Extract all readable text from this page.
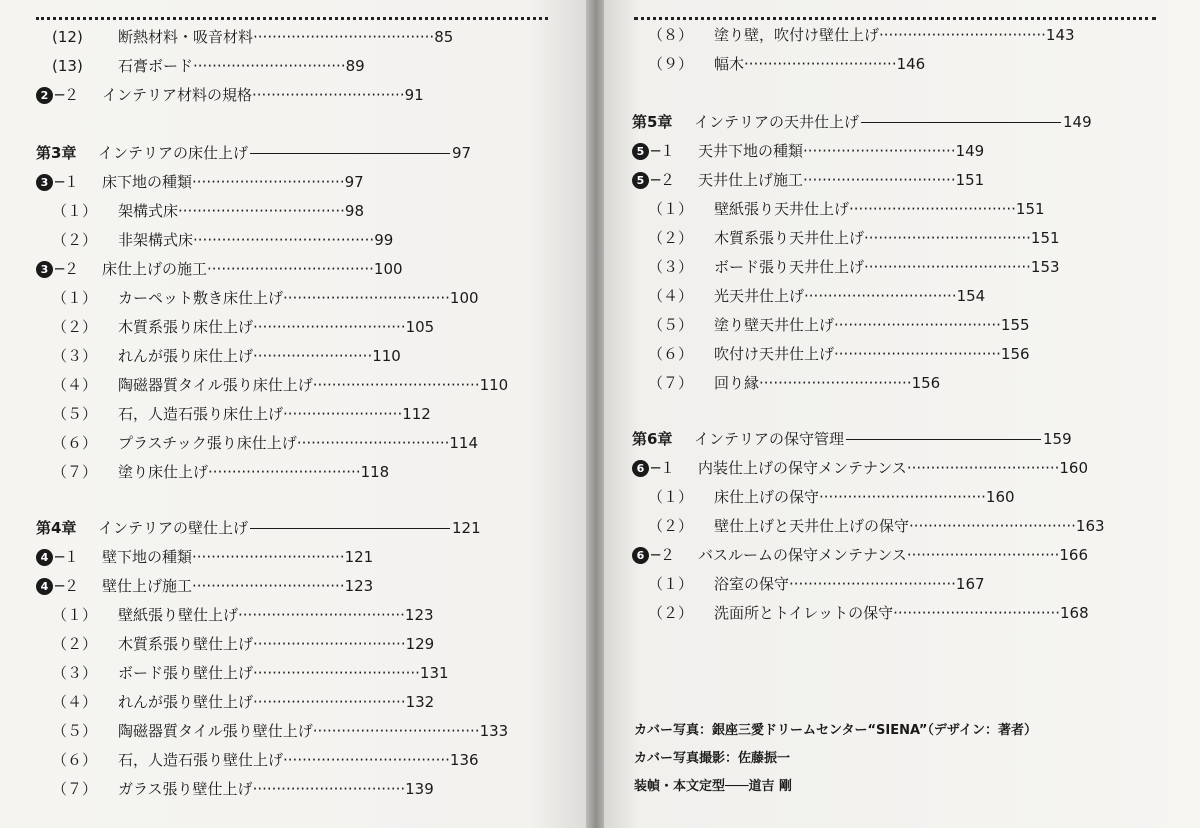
(12) 断熱材料・吸音材料······································85
(13) 石膏ボード································89
2 ─２ インテリア材料の規格································91
第3章 インテリアの床仕上げ	97
3 ─１ 床下地の種類································97
（１） 架構式床···································98
（２） 非架構式床······································99
3 ─２ 床仕上げの施工···································100
（１） カーペット敷き床仕上げ···································100
（２） 木質系張り床仕上げ································105
（３） れんが張り床仕上げ·························110
（４） 陶磁器質タイル張り床仕上げ···································110
（５） 石，人造石張り床仕上げ·························112
（６） プラスチック張り床仕上げ································114
（７） 塗り床仕上げ································118
第4章 インテリアの壁仕上げ	121
4 ─１ 壁下地の種類································121
4 ─２ 壁仕上げ施工································123
（１） 壁紙張り壁仕上げ···································123
（２） 木質系張り壁仕上げ································129
（３） ボード張り壁仕上げ···································131
（４） れんが張り壁仕上げ································132
（５） 陶磁器質タイル張り壁仕上げ···································133
（６） 石，人造石張り壁仕上げ···································136
（７） ガラス張り壁仕上げ································139
（８） 塗り壁，吹付け壁仕上げ···································143
（９） 幅木································146
第5章 インテリアの天井仕上げ	149
5 ─１ 天井下地の種類································149
5 ─２ 天井仕上げ施工································151
（１） 壁紙張り天井仕上げ···································151
（２） 木質系張り天井仕上げ···································151
（３） ボード張り天井仕上げ···································153
（４） 光天井仕上げ································154
（５） 塗り壁天井仕上げ···································155
（６） 吹付け天井仕上げ···································156
（７） 回り縁································156
第6章 インテリアの保守管理	159
6 ─１ 内装仕上げの保守メンテナンス································160
（１） 床仕上げの保守···································160
（２） 壁仕上げと天井仕上げの保守···································163
6 ─２ バスルームの保守メンテナンス································166
（１） 浴室の保守···································167
（２） 洗面所とトイレットの保守···································168
カバー写真：銀座三愛ドリームセンター“SIENA”（デザイン：著者）
カバー写真撮影：佐藤振一
装幀・本文定型───道吉 剛
